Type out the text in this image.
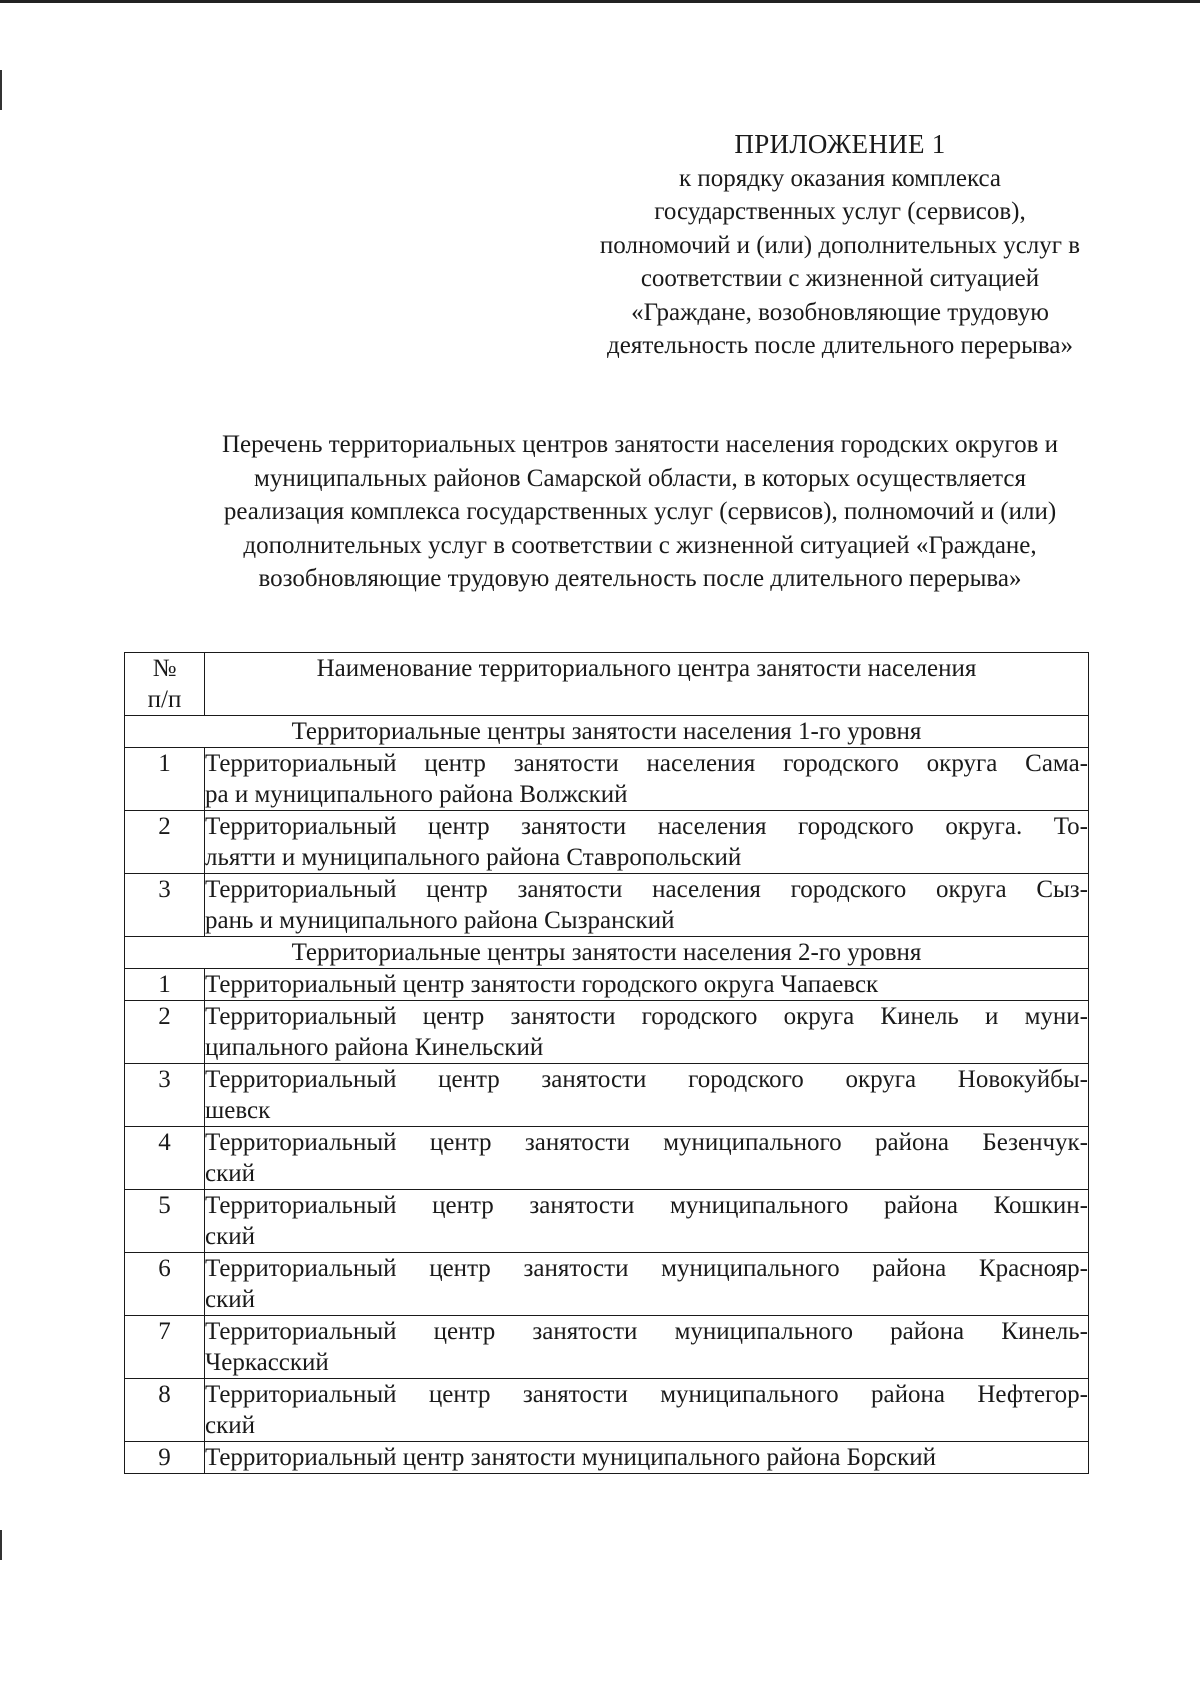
ПРИЛОЖЕНИЕ 1
к порядку оказания комплекса
государственных услуг (сервисов),
полномочий и (или) дополнительных услуг в
соответствии с жизненной ситуацией
«Граждане, возобновляющие трудовую
деятельность после длительного перерыва»
Перечень территориальных центров занятости населения городских округов и
муниципальных районов Самарской области, в которых осуществляется
реализация комплекса государственных услуг (сервисов), полномочий и (или)
дополнительных услуг в соответствии с жизненной ситуацией «Граждане,
возобновляющие трудовую деятельность после длительного перерыва»
№
п/п	Наименование территориального центра занятости населения
Территориальные центры занятости населения 1-го уровня	
1	Территориальный центр занятости населения городского округа Сама-
ра и муниципального района Волжский

2	Территориальный центр занятости населения городского округа. То-
льятти и муниципального района Ставропольский

3	Территориальный центр занятости населения городского округа Сыз-
рань и муниципального района Сызранский

Территориальные центры занятости населения 2-го уровня	
1	Территориальный центр занятости городского округа Чапаевск

2	Территориальный центр занятости городского округа Кинель и муни-
ципального района Кинельский

3	Территориальный центр занятости городского округа Новокуйбы-
шевск

4	Территориальный центр занятости муниципального района Безенчук-
ский

5	Территориальный центр занятости муниципального района Кошкин-
ский

6	Территориальный центр занятости муниципального района Краснояр-
ский

7	Территориальный центр занятости муниципального района Кинель-
Черкасский

8	Территориальный центр занятости муниципального района Нефтегор-
ский

9	Территориальный центр занятости муниципального района Борский
